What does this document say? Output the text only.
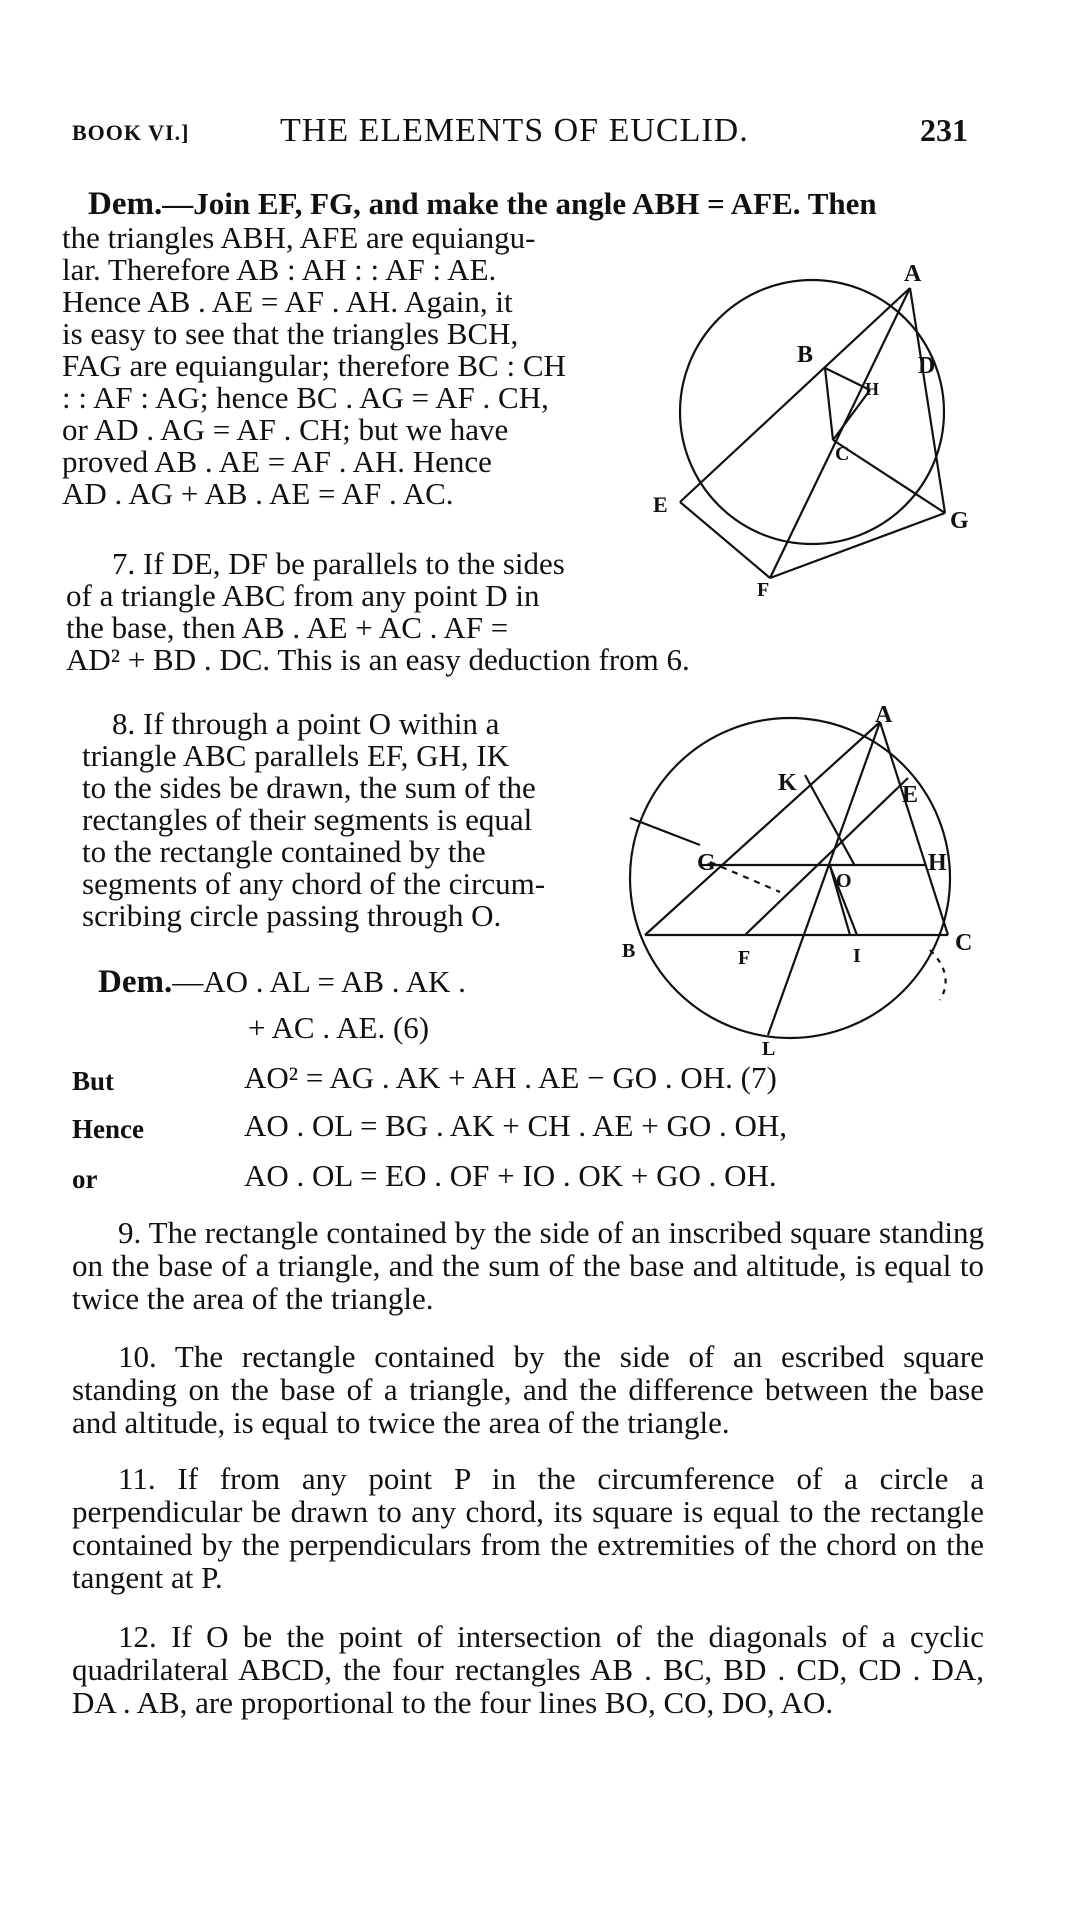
BOOK VI.]	THE ELEMENTS OF EUCLID.	231
Dem.—Join EF, FG, and make the angle ABH = AFE. Then
the triangles ABH, AFE are equiangu-
lar. Therefore AB : AH : : AF : AE.
Hence AB . AE = AF . AH. Again, it
is easy to see that the triangles BCH,
FAG are equiangular; therefore BC : CH
: : AF : AG; hence BC . AG = AF . CH,
or AD . AG = AF . CH; but we have
proved AB . AE = AF . AH. Hence
AD . AG + AB . AE = AF . AC.
A
B
H
D
C
E
G
F
7. If DE, DF be parallels to the sides
of a triangle ABC from any point D in
the base, then AB . AE + AC . AF =
AD² + BD . DC. This is an easy deduction from 6.
8. If through a point O within a
triangle ABC parallels EF, GH, IK
to the sides be drawn, the sum of the
rectangles of their segments is equal
to the rectangle contained by the
segments of any chord of the circum-
scribing circle passing through O.
A
K	E
G	H
O
B	F	I	C
L
Dem.—AO . AL = AB . AK .
+ AC . AE. (6)
But	AO² = AG . AK + AH . AE − GO . OH. (7)
Hence	AO . OL = BG . AK + CH . AE + GO . OH,
or	AO . OL = EO . OF + IO . OK + GO . OH.
9. The rectangle contained by the side of an inscribed square standing on the base of a triangle, and the sum of the base and altitude, is equal to twice the area of the triangle.
10. The rectangle contained by the side of an escribed square standing on the base of a triangle, and the difference between the base and altitude, is equal to twice the area of the triangle.
11. If from any point P in the circumference of a circle a perpendicular be drawn to any chord, its square is equal to the rectangle contained by the perpendiculars from the extremities of the chord on the tangent at P.
12. If O be the point of intersection of the diagonals of a cyclic quadrilateral ABCD, the four rectangles AB . BC, BD . CD, CD . DA, DA . AB, are proportional to the four lines BO, CO, DO, AO.
